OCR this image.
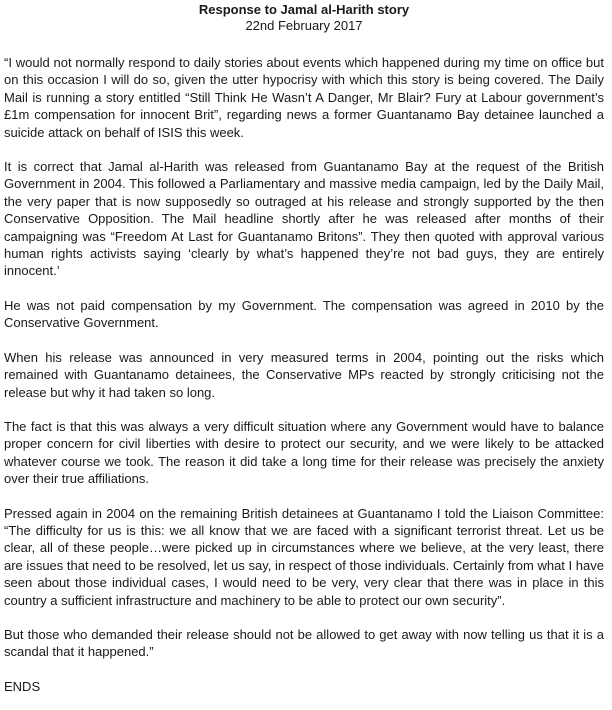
Response to Jamal al-Harith story

22nd February 2017

“I would not normally respond to daily stories about events which happened during my time on office but on this occasion I will do so, given the utter hypocrisy with which this story is being covered. The Daily Mail is running a story entitled “Still Think He Wasn’t A Danger, Mr Blair? Fury at Labour government’s £1m compensation for innocent Brit”, regarding news a former Guantanamo Bay detainee launched a suicide attack on behalf of ISIS this week.

It is correct that Jamal al-Harith was released from Guantanamo Bay at the request of the British Government in 2004. This followed a Parliamentary and massive media campaign, led by the Daily Mail, the very paper that is now supposedly so outraged at his release and strongly supported by the then Conservative Opposition. The Mail headline shortly after he was released after months of their campaigning was “Freedom At Last for Guantanamo Britons”. They then quoted with approval various human rights activists saying ‘clearly by what’s happened they’re not bad guys, they are entirely innocent.’

He was not paid compensation by my Government. The compensation was agreed in 2010 by the Conservative Government.

When his release was announced in very measured terms in 2004, pointing out the risks which remained with Guantanamo detainees, the Conservative MPs reacted by strongly criticising not the release but why it had taken so long.

The fact is that this was always a very difficult situation where any Government would have to balance proper concern for civil liberties with desire to protect our security, and we were likely to be attacked whatever course we took. The reason it did take a long time for their release was precisely the anxiety over their true affiliations.

Pressed again in 2004 on the remaining British detainees at Guantanamo I told the Liaison Committee: “The difficulty for us is this: we all know that we are faced with a significant terrorist threat. Let us be clear, all of these people…were picked up in circumstances where we believe, at the very least, there are issues that need to be resolved, let us say, in respect of those individuals. Certainly from what I have seen about those individual cases, I would need to be very, very clear that there was in place in this country a sufficient infrastructure and machinery to be able to protect our own security”.

But those who demanded their release should not be allowed to get away with now telling us that it is a scandal that it happened.”

ENDS
